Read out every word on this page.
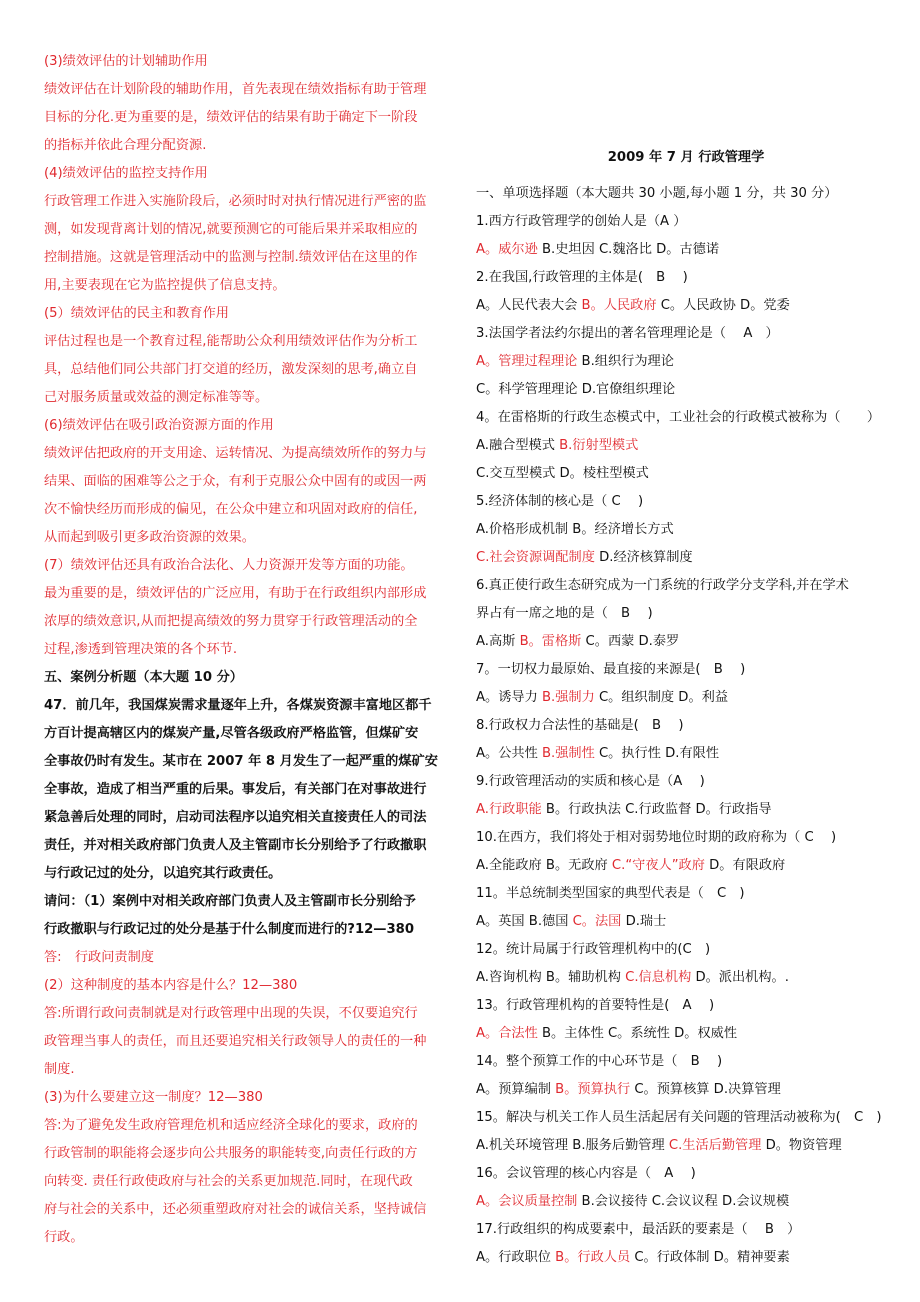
(3)绩效评估的计划辅助作用
绩效评估在计划阶段的辅助作用，首先表现在绩效指标有助于管理
目标的分化.更为重要的是，绩效评估的结果有助于确定下一阶段
的指标并依此合理分配资源.
(4)绩效评估的监控支持作用
行政管理工作进入实施阶段后，必须时时对执行情况进行严密的监
测，如发现背离计划的情况,就要预测它的可能后果并采取相应的
控制措施。这就是管理活动中的监测与控制.绩效评估在这里的作
用,主要表现在它为监控提供了信息支持。
(5）绩效评估的民主和教育作用
评估过程也是一个教育过程,能帮助公众利用绩效评估作为分析工
具，总结他们同公共部门打交道的经历，激发深刻的思考,确立自
己对服务质量或效益的测定标准等等。
(6)绩效评估在吸引政治资源方面的作用
绩效评估把政府的开支用途、运转情况、为提高绩效所作的努力与
结果、面临的困难等公之于众，有利于克服公众中固有的或因一两
次不愉快经历而形成的偏见，在公众中建立和巩固对政府的信任,
从而起到吸引更多政治资源的效果。
(7）绩效评估还具有政治合法化、人力资源开发等方面的功能。
最为重要的是，绩效评估的广泛应用，有助于在行政组织内部形成
浓厚的绩效意识,从而把提高绩效的努力贯穿于行政管理活动的全
过程,渗透到管理决策的各个环节.
五、案例分析题（本大题 10 分）
47．前几年，我国煤炭需求量逐年上升，各煤炭资源丰富地区都千
方百计提高辖区内的煤炭产量,尽管各级政府严格监管，但煤矿安
全事故仍时有发生。某市在 2007 年 8 月发生了一起严重的煤矿安
全事故，造成了相当严重的后果。事发后，有关部门在对事故进行
紧急善后处理的同时，启动司法程序以追究相关直接责任人的司法
责任，并对相关政府部门负责人及主管副市长分别给予了行政撤职
与行政记过的处分，以追究其行政责任。
请问：（1）案例中对相关政府部门负责人及主管副市长分别给予
行政撤职与行政记过的处分是基于什么制度而进行的?12—380
答:　行政问责制度
(2）这种制度的基本内容是什么？12—380
答:所谓行政问责制就是对行政管理中出现的失误，不仅要追究行
政管理当事人的责任，而且还要追究相关行政领导人的责任的一种
制度.
(3)为什么要建立这一制度？12—380
答:为了避免发生政府管理危机和适应经济全球化的要求，政府的
行政管制的职能将会逐步向公共服务的职能转变,向责任行政的方
向转变. 责任行政使政府与社会的关系更加规范.同时，在现代政
府与社会的关系中，还必须重塑政府对社会的诚信关系，坚持诚信
行政。
2009 年 7 月 行政管理学
一、单项选择题（本大题共 30 小题,每小题 1 分，共 30 分）
1.西方行政管理学的创始人是（A ）
A。威尔逊 B.史坦因 C.魏洛比 D。古德诺
2.在我国,行政管理的主体是(　B　 )
A。人民代表大会 B。人民政府 C。人民政协 D。党委
3.法国学者法约尔提出的著名管理理论是（　 A　）
A。管理过程理论 B.组织行为理论
C。科学管理理论 D.官僚组织理论
4。在雷格斯的行政生态模式中，工业社会的行政模式被称为（　　）
A.融合型模式 B.衍射型模式
C.交互型模式 D。棱柱型模式
5.经济体制的核心是（ C　 )
A.价格形成机制 B。经济增长方式
C.社会资源调配制度 D.经济核算制度
6.真正使行政生态研究成为一门系统的行政学分支学科,并在学术
界占有一席之地的是（　B　 )
A.高斯 B。雷格斯 C。西蒙 D.泰罗
7。一切权力最原始、最直接的来源是(　B　 )
A。诱导力 B.强制力 C。组织制度 D。利益
8.行政权力合法性的基础是(　B　 )
A。公共性 B.强制性 C。执行性 D.有限性
9.行政管理活动的实质和核心是（A　 )
A.行政职能 B。行政执法 C.行政监督 D。行政指导
10.在西方，我们将处于相对弱势地位时期的政府称为（ C　 )
A.全能政府 B。无政府 C.“守夜人”政府 D。有限政府
11。半总统制类型国家的典型代表是（　C　)
A。英国 B.德国 C。法国 D.瑞士
12。统计局属于行政管理机构中的(C　)
A.咨询机构 B。辅助机构 C.信息机构 D。派出机构。.
13。行政管理机构的首要特性是(　A　 )
A。合法性 B。主体性 C。系统性 D。权威性
14。整个预算工作的中心环节是（　B　 )
A。预算编制 B。预算执行 C。预算核算 D.决算管理
15。解决与机关工作人员生活起居有关问题的管理活动被称为(　C　)
A.机关环境管理 B.服务后勤管理 C.生活后勤管理 D。物资管理
16。会议管理的核心内容是（　A　 )
A。会议质量控制 B.会议接待 C.会议议程 D.会议规模
17.行政组织的构成要素中，最活跃的要素是（　 B　）
A。行政职位 B。行政人员 C。行政体制 D。精神要素
